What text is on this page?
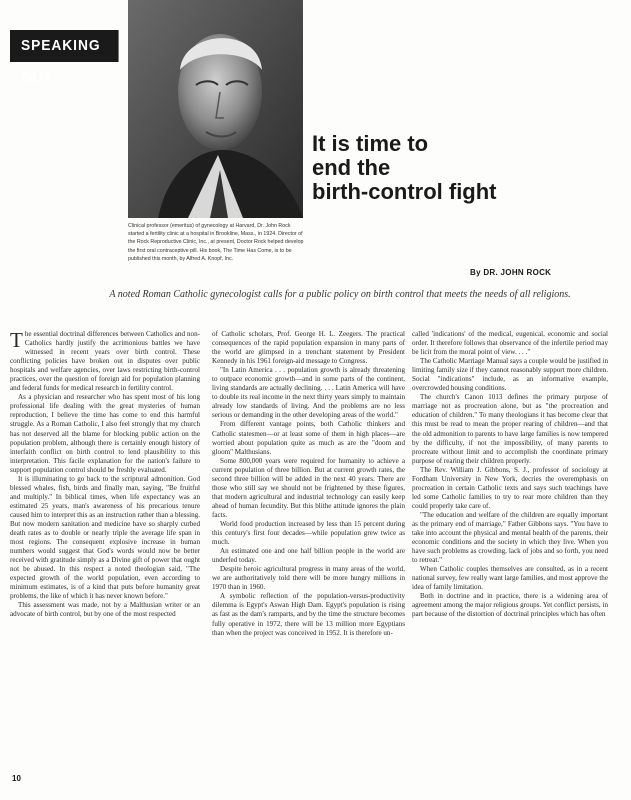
SPEAKING OUT
Clinical professor (emeritus) of gynecology at Harvard, Dr. John Rock started a fertility clinic at a hospital in Brookline, Mass., in 1924. Director of the Rock Reproductive Clinic, Inc., at present, Doctor Rock helped develop the first oral contraceptive pill. His book, The Time Has Come, is to be published this month, by Alfred A. Knopf, Inc.
It is time to
end the
birth-control fight
By DR. JOHN ROCK
A noted Roman Catholic gynecologist calls for a public policy on birth control that meets the needs of all religions.

The essential doctrinal differences between Catholics and non-Catholics hardly justify the acrimonious battles we have witnessed in recent years over birth control. These conflicting policies have broken out in disputes over public hospitals and welfare agencies, over laws restricting birth-control practices, over the question of foreign aid for population planning and federal funds for medical research in fertility control.

As a physician and researcher who has spent most of his long professional life dealing with the great mysteries of human reproduction, I believe the time has come to end this harmful struggle. As a Roman Catholic, I also feel strongly that my church has not deserved all the blame for blocking public action on the population problem, although there is certainly enough history of interfaith conflict on birth control to lend plausibility to this interpretation. This facile explanation for the nation's failure to support population control should be freshly evaluated.

It is illuminating to go back to the scriptural admonition. God blessed whales, fish, birds and finally man, saying, "Be fruitful and multiply." In biblical times, when life expectancy was an estimated 25 years, man's awareness of his precarious tenure caused him to interpret this as an instruction rather than a blessing. But now modern sanitation and medicine have so sharply curbed death rates as to double or nearly triple the average life span in most regions. The consequent explosive increase in human numbers would suggest that God's words would now be better received with gratitude simply as a Divine gift of power that ought not be abused. In this respect a noted theologian said, "The expected growth of the world population, even according to minimum estimates, is of a kind that puts before humanity great problems, the like of which it has never known before."

This assessment was made, not by a Malthusian writer or an advocate of birth control, but by one of the most respected

of Catholic scholars, Prof. George H. L. Zeegers. The practical consequences of the rapid population expansion in many parts of the world are glimpsed in a trenchant statement by President Kennedy in his 1961 foreign-aid message to Congress.

"In Latin America . . . population growth is already threatening to outpace economic growth—and in some parts of the continent, living standards are actually declining. . . . Latin America will have to double its real income in the next thirty years simply to maintain already low standards of living. And the problems are no less serious or demanding in the other developing areas of the world."

From different vantage points, both Catholic thinkers and Catholic statesmen—or at least some of them in high places—are worried about population quite as much as are the "doom and gloom" Malthusians.

Some 800,000 years were required for humanity to achieve a current population of three billion. But at current growth rates, the second three billion will be added in the next 40 years. There are those who still say we should not be frightened by these figures, that modern agricultural and industrial technology can easily keep ahead of human fecundity. But this blithe attitude ignores the plain facts.

World food production increased by less than 15 percent during this century's first four decades—while population grew twice as much.

An estimated one and one half billion people in the world are underfed today.

Despite heroic agricultural progress in many areas of the world, we are authoritatively told there will be more hungry millions in 1970 than in 1960.

A symbolic reflection of the population-versus-productivity dilemma is Egypt's Aswan High Dam. Egypt's population is rising as fast as the dam's ramparts, and by the time the structure becomes fully operative in 1972, there will be 13 million more Egyptians than when the project was conceived in 1952. It is therefore un-

called 'indications' of the medical, eugenical, economic and social order. It therefore follows that observance of the infertile period may be licit from the moral point of view. . . ."

The Catholic Marriage Manual says a couple would be justified in limiting family size if they cannot reasonably support more children. Social "indications" include, as an informative example, overcrowded housing conditions.

The church's Canon 1013 defines the primary purpose of marriage not as procreation alone, but as "the procreation and education of children." To many theologians it has become clear that this must be read to mean the proper rearing of children—and that the old admonition to parents to have large families is now tempered by the difficulty, if not the impossibility, of many parents to procreate without limit and to accomplish the coordinate primary purpose of rearing their children properly.

The Rev. William J. Gibbons, S. J., professor of sociology at Fordham University in New York, decries the overemphasis on procreation in certain Catholic texts and says such teachings have led some Catholic families to try to rear more children than they could properly take care of.

"The education and welfare of the children are equally important as the primary end of marriage," Father Gibbons says. "You have to take into account the physical and mental health of the parents, their economic conditions and the society in which they live. When you have such problems as crowding, lack of jobs and so forth, you need to retreat."

When Catholic couples themselves are consulted, as in a recent national survey, few really want large families, and most approve the idea of family limitation.

Both in doctrine and in practice, there is a widening area of agreement among the major religious groups. Yet conflict persists, in part because of the distortion of doctrinal principles which has often

10
